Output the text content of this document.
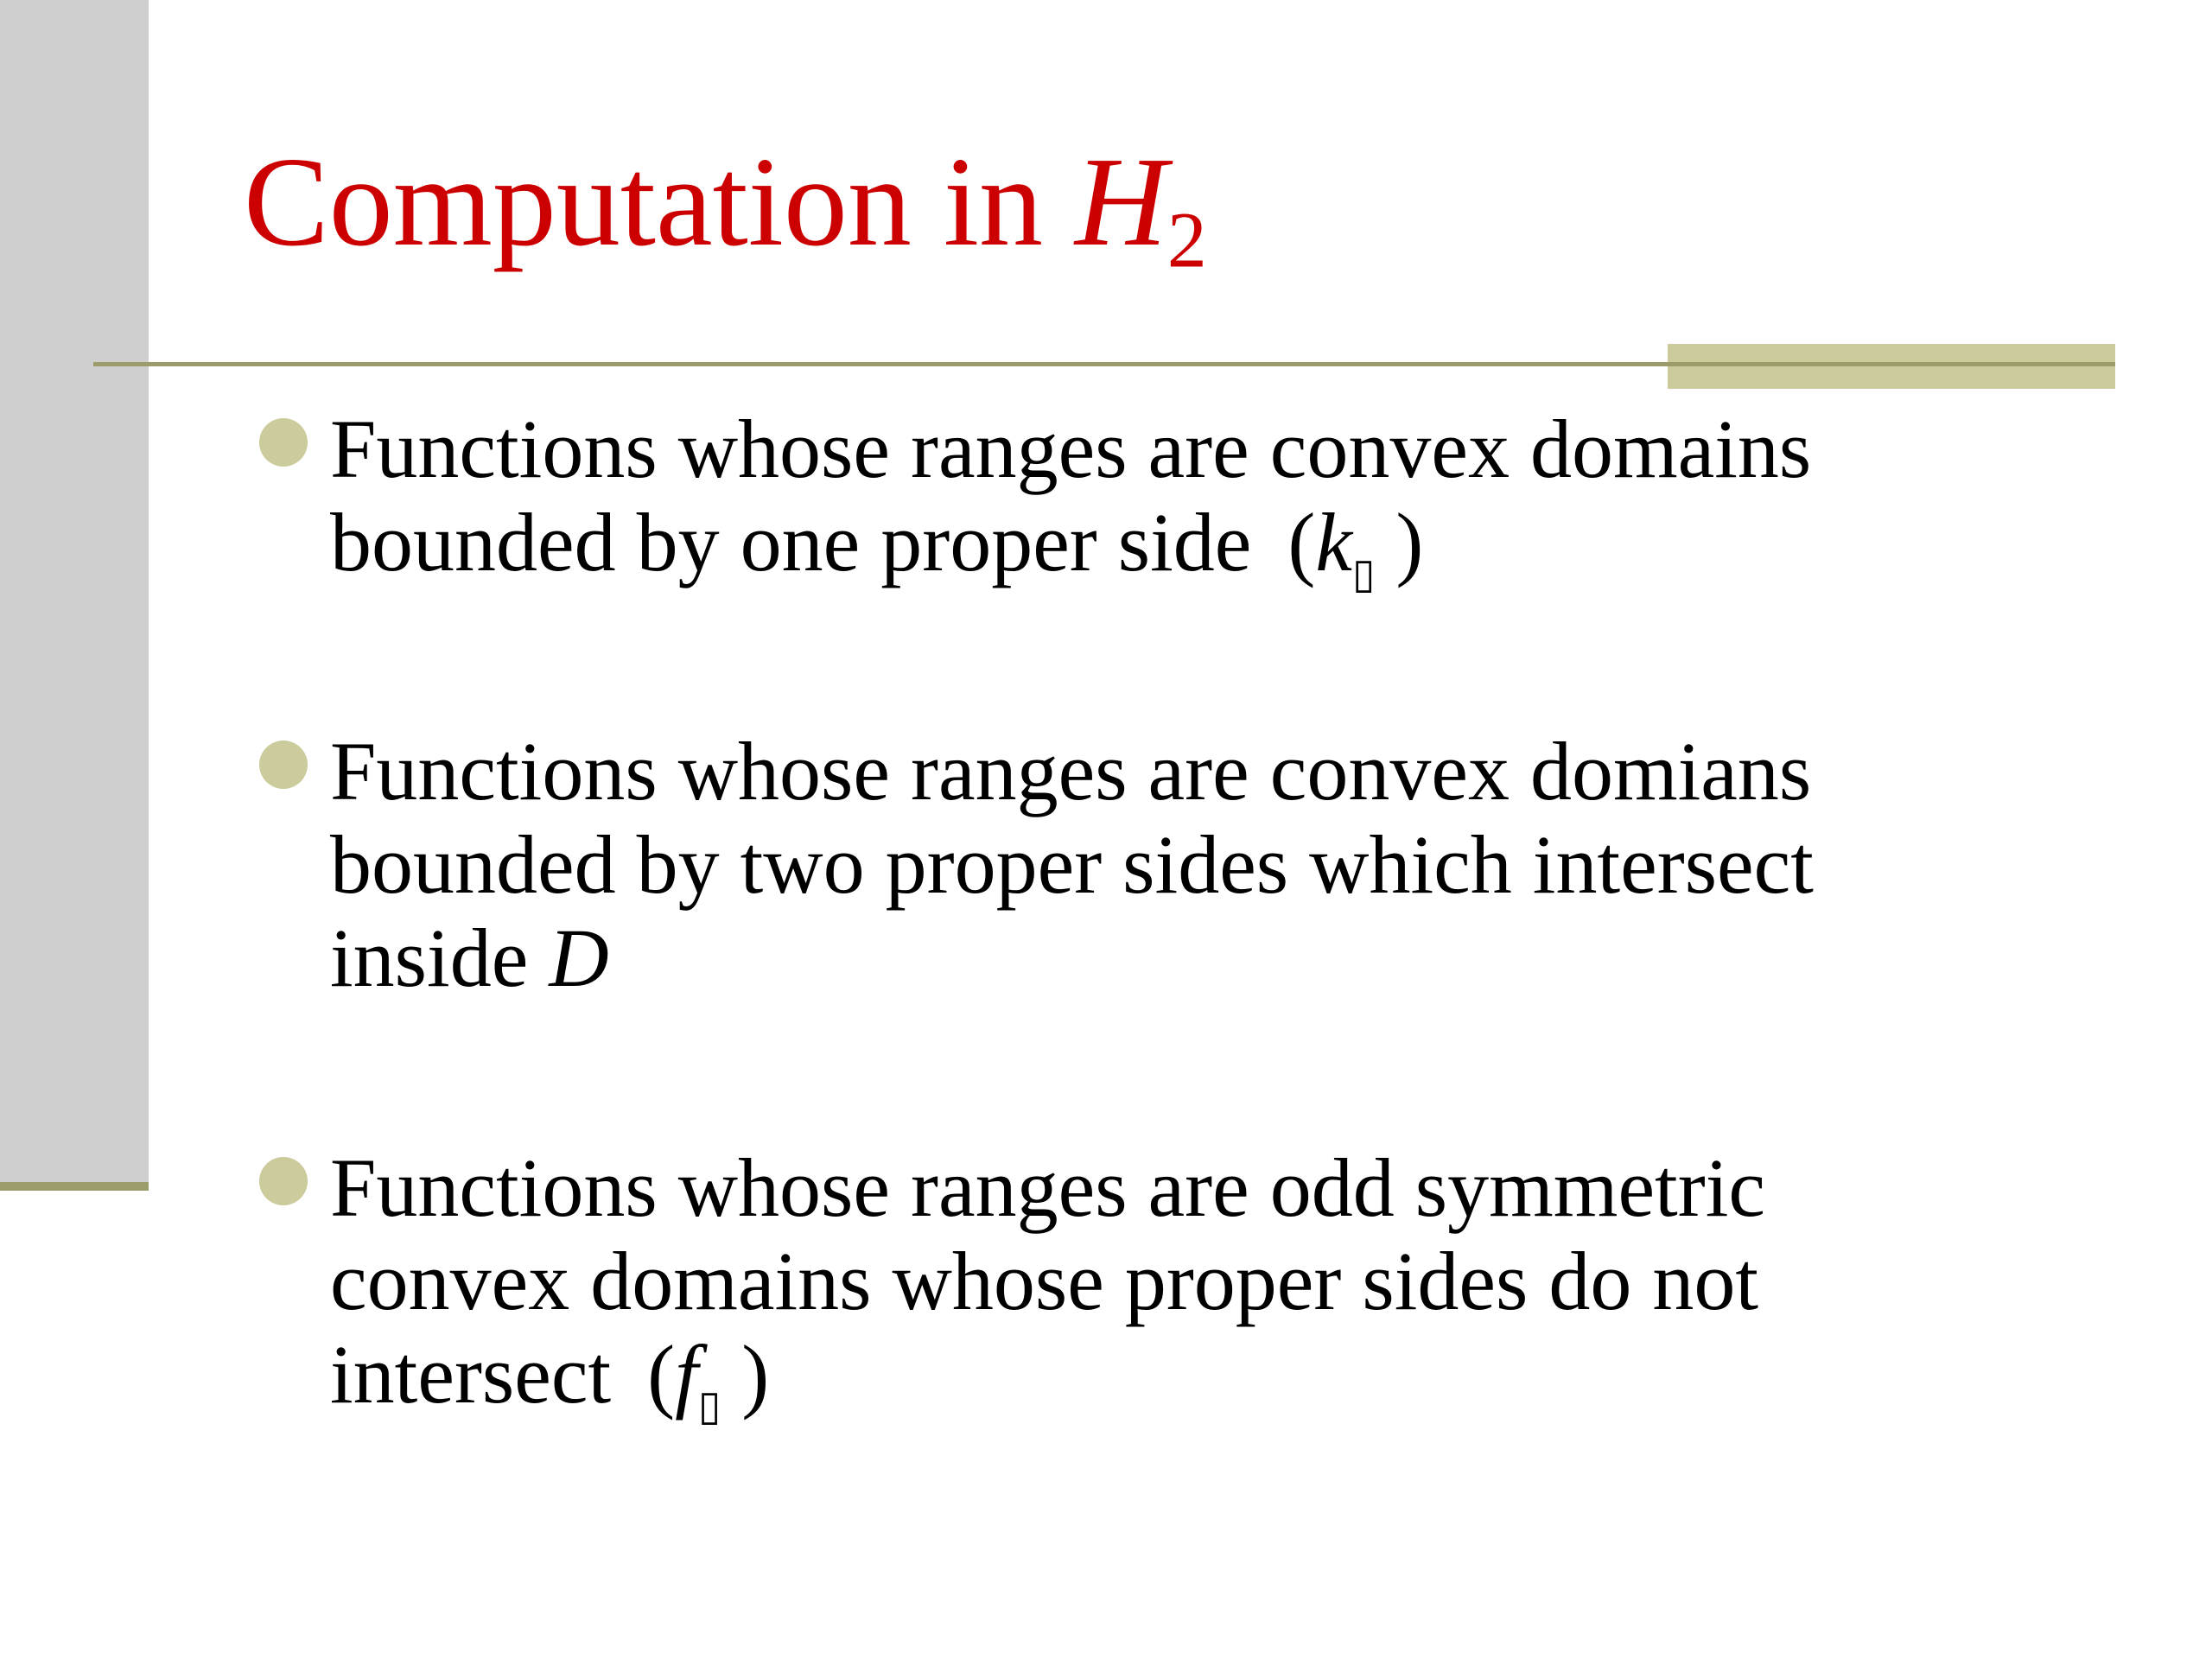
Computation in $H_2$
Functions whose ranges are convex domains bounded by one proper side ($k_▯$ )
Functions whose ranges are convex domians bounded by two proper sides which intersect inside D
Functions whose ranges are odd symmetric convex domains whose proper sides do not intersect ($f_▯$ )
